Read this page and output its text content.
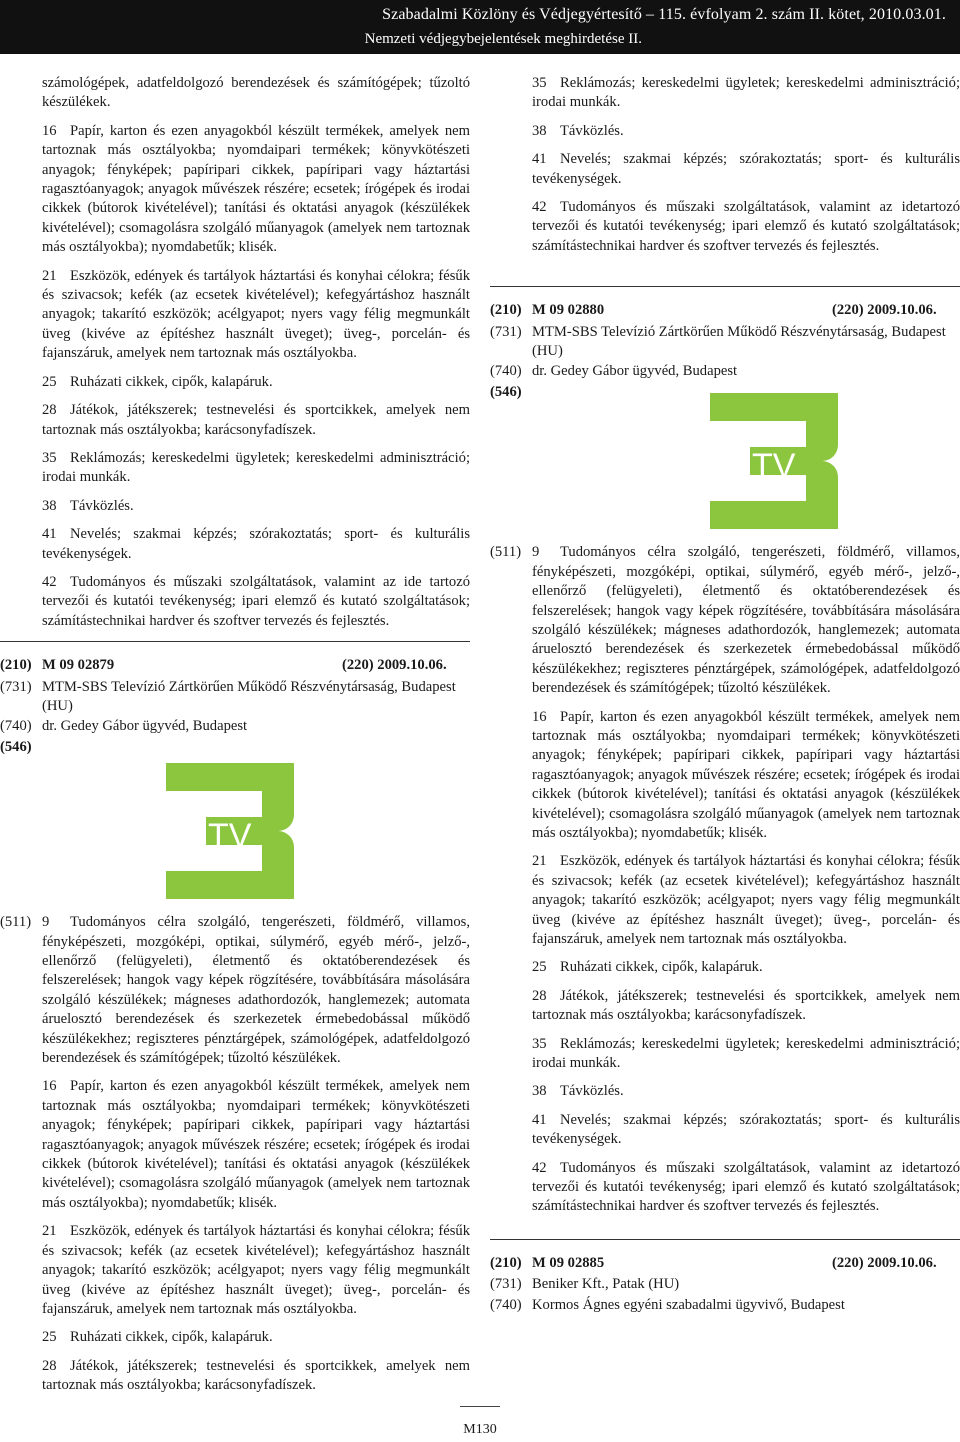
Szabadalmi Közlöny és Védjegyértesítő – 115. évfolyam 2. szám II. kötet, 2010.03.01.
Nemzeti védjegybejelentések meghirdetése II.

számológépek, adatfeldolgozó berendezések és számítógépek; tűzoltó készülékek.

16 Papír, karton és ezen anyagokból készült termékek, amelyek nem tartoznak más osztályokba; nyomdaipari termékek; könyvkötészeti anyagok; fényképek; papíripari cikkek, papíripari vagy háztartási ragasztóanyagok; anyagok művészek részére; ecsetek; írógépek és irodai cikkek (bútorok kivételével); tanítási és oktatási anyagok (készülékek kivételével); csomagolásra szolgáló műanyagok (amelyek nem tartoznak más osztályokba); nyomdabetűk; klisék.

21 Eszközök, edények és tartályok háztartási és konyhai célokra; fésűk és szivacsok; kefék (az ecsetek kivételével); kefegyártáshoz használt anyagok; takarító eszközök; acélgyapot; nyers vagy félig megmunkált üveg (kivéve az építéshez használt üveget); üveg-, porcelán- és fajanszáruk, amelyek nem tartoznak más osztályokba.

25 Ruházati cikkek, cipők, kalapáruk.

28 Játékok, játékszerek; testnevelési és sportcikkek, amelyek nem tartoznak más osztályokba; karácsonyfadíszek.

35 Reklámozás; kereskedelmi ügyletek; kereskedelmi adminisztráció; irodai munkák.

38 Távközlés.

41 Nevelés; szakmai képzés; szórakoztatás; sport- és kulturális tevékenységek.

42 Tudományos és műszaki szolgáltatások, valamint az ide tartozó tervezői és kutatói tevékenység; ipari elemző és kutató szolgáltatások; számítástechnikai hardver és szoftver tervezés és fejlesztés.

(210) M 09 02879	(220)
2009.10.06.
(731) MTM-SBS Televízió Zártkörűen Működő Részvénytársaság, Budapest (HU)
(740) dr. Gedey Gábor ügyvéd, Budapest
(546)
TV
(511) 9 Tudományos célra szolgáló, tengerészeti, földmérő, villamos, fényképészeti, mozgóképi, optikai, súlymérő, egyéb mérő-, jelző-, ellenőrző (felügyeleti), életmentő és oktatóberendezések és felszerelések; hangok vagy képek rögzítésére, továbbítására másolására szolgáló készülékek; mágneses adathordozók, hanglemezek; automata áruelosztó berendezések és szerkezetek érmebedobással működő készülékekhez; regiszteres pénztárgépek, számológépek, adatfeldolgozó berendezések és számítógépek; tűzoltó készülékek.

16 Papír, karton és ezen anyagokból készült termékek, amelyek nem tartoznak más osztályokba; nyomdaipari termékek; könyvkötészeti anyagok; fényképek; papíripari cikkek, papíripari vagy háztartási ragasztóanyagok; anyagok művészek részére; ecsetek; írógépek és irodai cikkek (bútorok kivételével); tanítási és oktatási anyagok (készülékek kivételével); csomagolásra szolgáló műanyagok (amelyek nem tartoznak más osztályokba); nyomdabetűk; klisék.

21 Eszközök, edények és tartályok háztartási és konyhai célokra; fésűk és szivacsok; kefék (az ecsetek kivételével); kefegyártáshoz használt anyagok; takarító eszközök; acélgyapot; nyers vagy félig megmunkált üveg (kivéve az építéshez használt üveget); üveg-, porcelán- és fajanszáruk, amelyek nem tartoznak más osztályokba.

25 Ruházati cikkek, cipők, kalapáruk.

28 Játékok, játékszerek; testnevelési és sportcikkek, amelyek nem tartoznak más osztályokba; karácsonyfadíszek.

35 Reklámozás; kereskedelmi ügyletek; kereskedelmi adminisztráció; irodai munkák.

38 Távközlés.

41 Nevelés; szakmai képzés; szórakoztatás; sport- és kulturális tevékenységek.

42 Tudományos és műszaki szolgáltatások, valamint az idetartozó tervezői és kutatói tevékenység; ipari elemző és kutató szolgáltatások; számítástechnikai hardver és szoftver tervezés és fejlesztés.

(210) M 09 02880	(220)
2009.10.06.
(731) MTM-SBS Televízió Zártkörűen Működő Részvénytársaság, Budapest (HU)
(740) dr. Gedey Gábor ügyvéd, Budapest
(546)
TV
(511) 9 Tudományos célra szolgáló, tengerészeti, földmérő, villamos, fényképészeti, mozgóképi, optikai, súlymérő, egyéb mérő-, jelző-, ellenőrző (felügyeleti), életmentő és oktatóberendezések és felszerelések; hangok vagy képek rögzítésére, továbbítására másolására szolgáló készülékek; mágneses adathordozók, hanglemezek; automata áruelosztó berendezések és szerkezetek érmebedobással működő készülékekhez; regiszteres pénztárgépek, számológépek, adatfeldolgozó berendezések és számítógépek; tűzoltó készülékek.

16 Papír, karton és ezen anyagokból készült termékek, amelyek nem tartoznak más osztályokba; nyomdaipari termékek; könyvkötészeti anyagok; fényképek; papíripari cikkek, papíripari vagy háztartási ragasztóanyagok; anyagok művészek részére; ecsetek; írógépek és irodai cikkek (bútorok kivételével); tanítási és oktatási anyagok (készülékek kivételével); csomagolásra szolgáló műanyagok (amelyek nem tartoznak más osztályokba); nyomdabetűk; klisék.

21 Eszközök, edények és tartályok háztartási és konyhai célokra; fésűk és szivacsok; kefék (az ecsetek kivételével); kefegyártáshoz használt anyagok; takarító eszközök; acélgyapot; nyers vagy félig megmunkált üveg (kivéve az építéshez használt üveget); üveg-, porcelán- és fajanszáruk, amelyek nem tartoznak más osztályokba.

25 Ruházati cikkek, cipők, kalapáruk.

28 Játékok, játékszerek; testnevelési és sportcikkek, amelyek nem tartoznak más osztályokba; karácsonyfadíszek.

35 Reklámozás; kereskedelmi ügyletek; kereskedelmi adminisztráció; irodai munkák.

38 Távközlés.

41 Nevelés; szakmai képzés; szórakoztatás; sport- és kulturális tevékenységek.

42 Tudományos és műszaki szolgáltatások, valamint az idetartozó tervezői és kutatói tevékenység; ipari elemző és kutató szolgáltatások; számítástechnikai hardver és szoftver tervezés és fejlesztés.

(210) M 09 02885	(220)
2009.10.06.
(731) Beniker Kft., Patak (HU)
(740) Kormos Ágnes egyéni szabadalmi ügyvivő, Budapest
M130
